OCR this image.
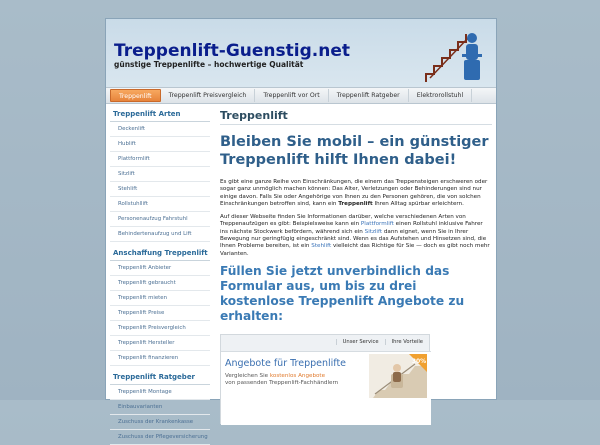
Treppenlift-Guenstig.net
günstige Treppenlifte – hochwertige Qualität
Treppenlift	Treppenlift Preisvergleich	Treppenlift vor Ort	Treppenlift Ratgeber	Elektrorollstuhl
Treppenlift Arten
Deckenlift
Hublift
Plattformlift
Sitzlift
Stehlift
Rollstuhllift
Personenaufzug Fahrstuhl
Behindertenaufzug und Lift
Anschaffung Treppenlift
Treppenlift Anbieter
Treppenlift gebraucht
Treppenlift mieten
Treppenlift Preise
Treppenlift Preisvergleich
Treppenlift Hersteller
Treppenlift finanzieren
Treppenlift Ratgeber
Treppenlift Montage
Einbauvarianten
Zuschuss der Krankenkasse
Zuschuss der Pflegeversicherung
Treppenlift
Bleiben Sie mobil – ein günstiger Treppenlift hilft Ihnen dabei!

Es gibt eine ganze Reihe von Einschränkungen, die einem das Treppensteigen erschweren oder sogar ganz unmöglich machen können: Das Alter, Verletzungen oder Behinderungen sind nur einige davon. Falls Sie oder Angehörige von Ihnen zu den Personen gehören, die von solchen Einschränkungen betroffen sind, kann ein Treppenlift Ihren Alltag spürbar erleichtern.

Auf dieser Webseite finden Sie Informationen darüber, welche verschiedenen Arten von Treppenaufzügen es gibt: Beispielsweise kann ein Plattformlift einen Rollstuhl inklusive Fahrer ins nächste Stockwerk befördern, während sich ein Sitzlift dann eignet, wenn Sie in Ihrer Bewegung nur geringfügig eingeschränkt sind. Wenn es das Aufstehen und Hinsetzen sind, die Ihnen Probleme bereiten, ist ein Stehlift vielleicht das Richtige für Sie — doch es gibt noch mehr Varianten.

Füllen Sie jetzt unverbindlich das Formular aus, um bis zu drei kostenlose Treppenlift Angebote zu erhalten:
Unser Service	Ihre Vorteile
Angebote für Treppenlifte
Vergleichen Sie kostenlos Angebote
von passenden Treppenlift-Fachhändlern
30%
